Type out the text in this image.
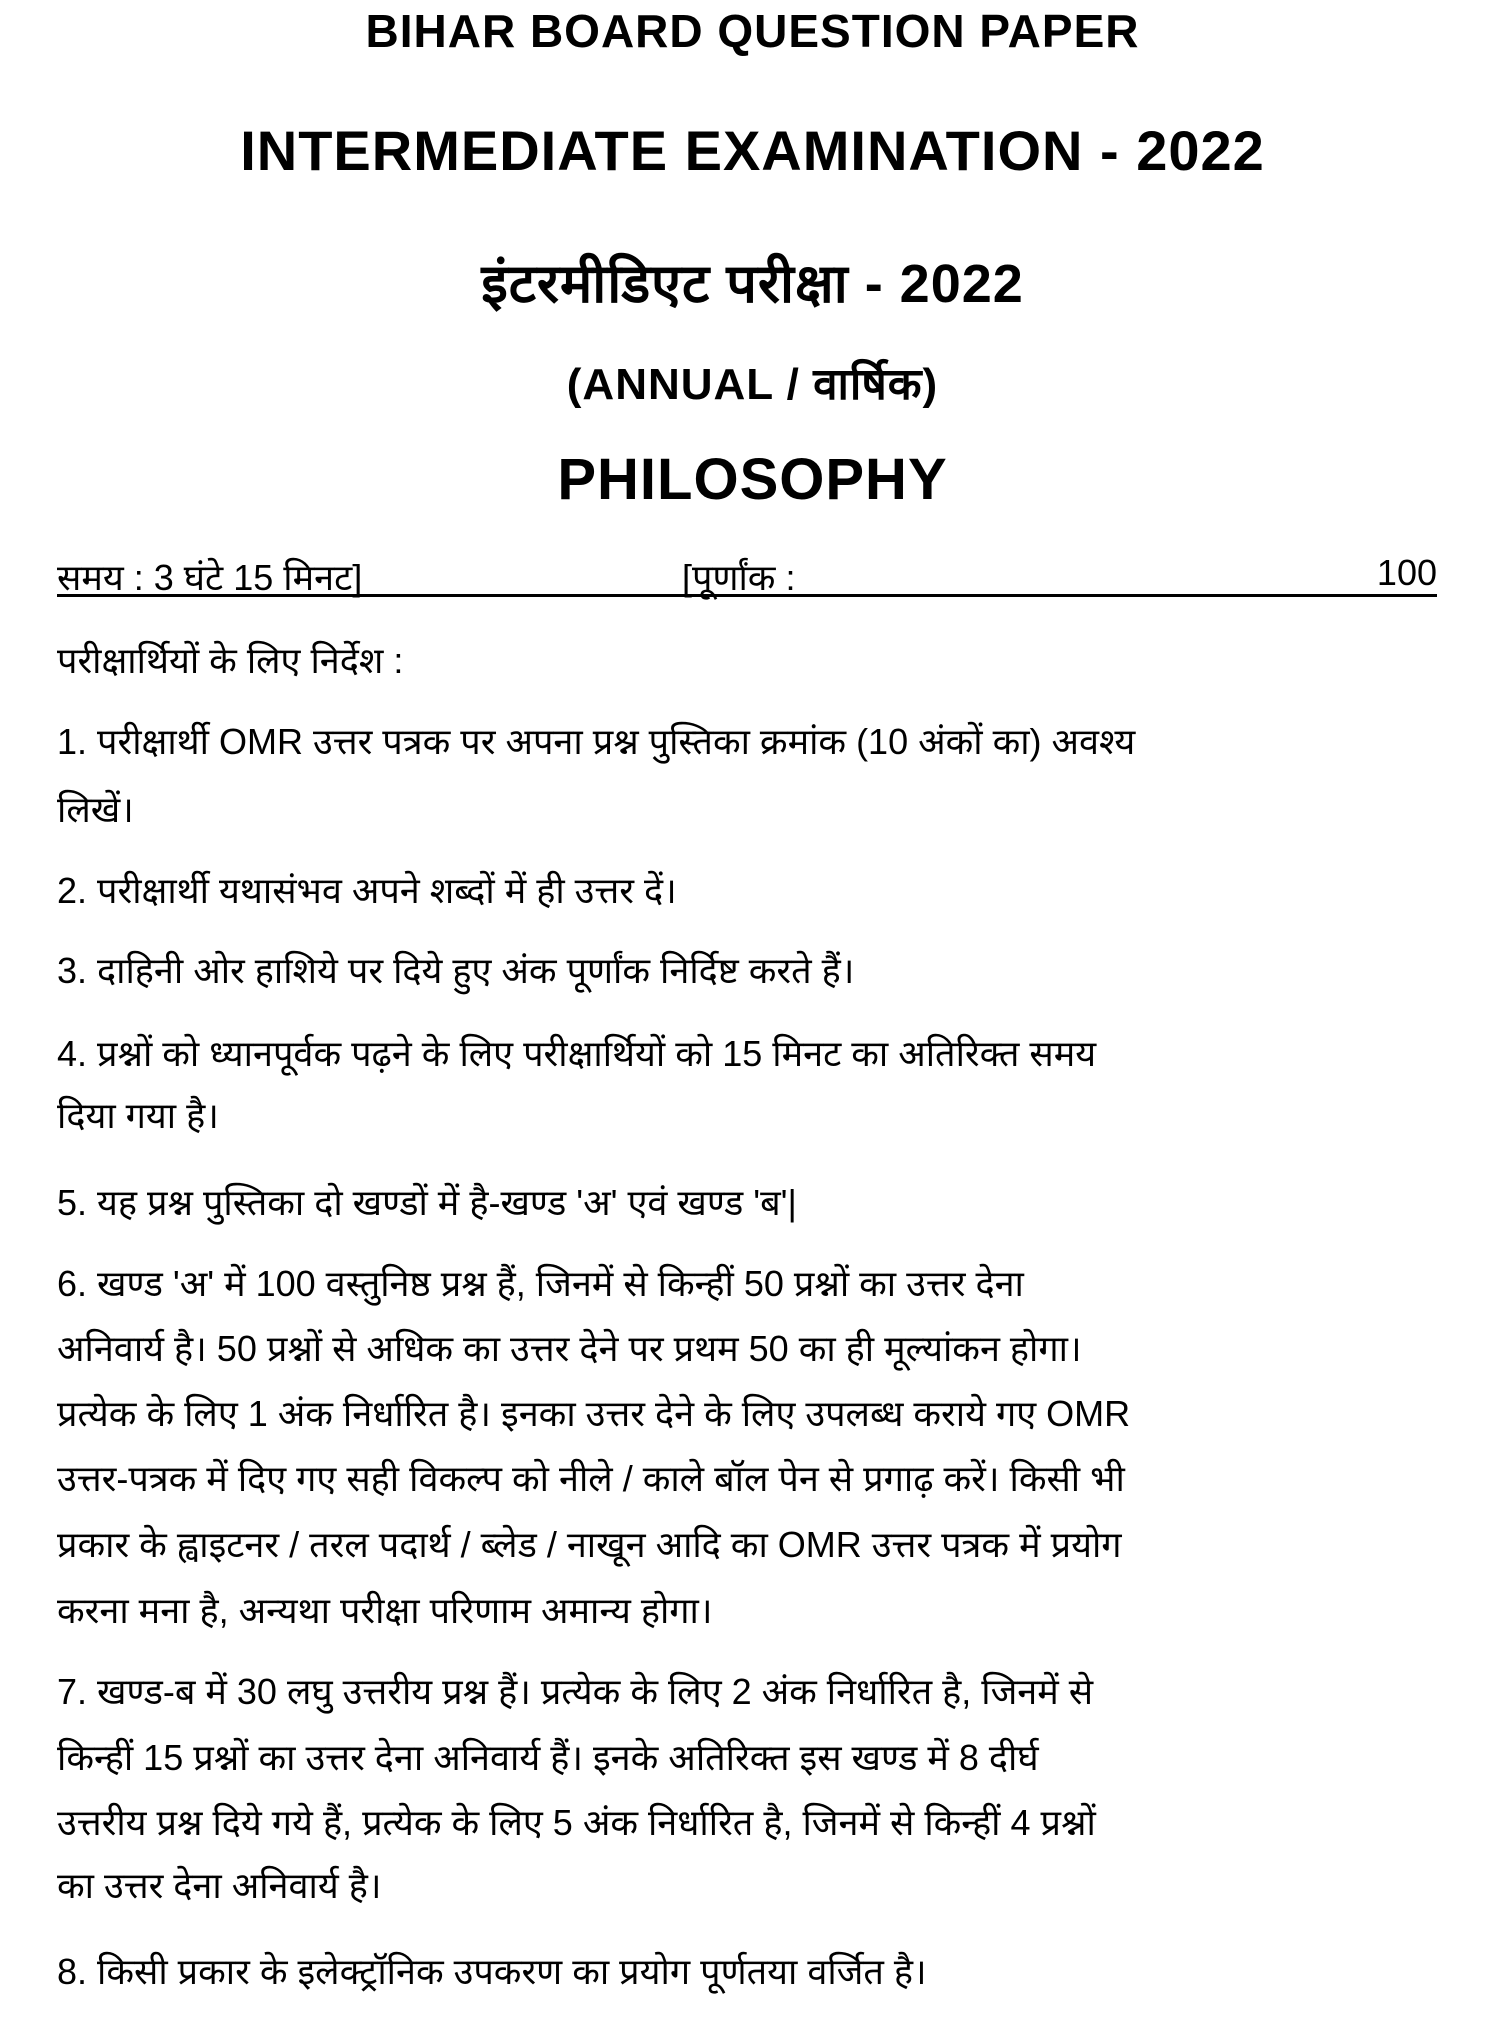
BIHAR BOARD QUESTION PAPER
INTERMEDIATE EXAMINATION - 2022
इंटरमीडिएट परीक्षा - 2022
(ANNUAL / वार्षिक)
PHILOSOPHY
समय : 3 घंटे 15 मिनट]	[पूर्णांक :	100
परीक्षार्थियों के लिए निर्देश :
1. परीक्षार्थी OMR उत्तर पत्रक पर अपना प्रश्न पुस्तिका क्रमांक (10 अंकों का) अवश्य
लिखें।
2. परीक्षार्थी यथासंभव अपने शब्दों में ही उत्तर दें।
3. दाहिनी ओर हाशिये पर दिये हुए अंक पूर्णांक निर्दिष्ट करते हैं।
4. प्रश्नों को ध्यानपूर्वक पढ़ने के लिए परीक्षार्थियों को 15 मिनट का अतिरिक्त समय
दिया गया है।
5. यह प्रश्न पुस्तिका दो खण्डों में है-खण्ड 'अ' एवं खण्ड 'ब'|
6. खण्ड 'अ' में 100 वस्तुनिष्ठ प्रश्न हैं, जिनमें से किन्हीं 50 प्रश्नों का उत्तर देना
अनिवार्य है। 50 प्रश्नों से अधिक का उत्तर देने पर प्रथम 50 का ही मूल्यांकन होगा।
प्रत्येक के लिए 1 अंक निर्धारित है। इनका उत्तर देने के लिए उपलब्ध कराये गए OMR
उत्तर-पत्रक में दिए गए सही विकल्प को नीले / काले बॉल पेन से प्रगाढ़ करें। किसी भी
प्रकार के ह्वाइटनर / तरल पदार्थ / ब्लेड / नाखून आदि का OMR उत्तर पत्रक में प्रयोग
करना मना है, अन्यथा परीक्षा परिणाम अमान्य होगा।
7. खण्ड-ब में 30 लघु उत्तरीय प्रश्न हैं। प्रत्येक के लिए 2 अंक निर्धारित है, जिनमें से
किन्हीं 15 प्रश्नों का उत्तर देना अनिवार्य हैं। इनके अतिरिक्त इस खण्ड में 8 दीर्घ
उत्तरीय प्रश्न दिये गये हैं, प्रत्येक के लिए 5 अंक निर्धारित है, जिनमें से किन्हीं 4 प्रश्नों
का उत्तर देना अनिवार्य है।
8. किसी प्रकार के इलेक्ट्रॉनिक उपकरण का प्रयोग पूर्णतया वर्जित है।
